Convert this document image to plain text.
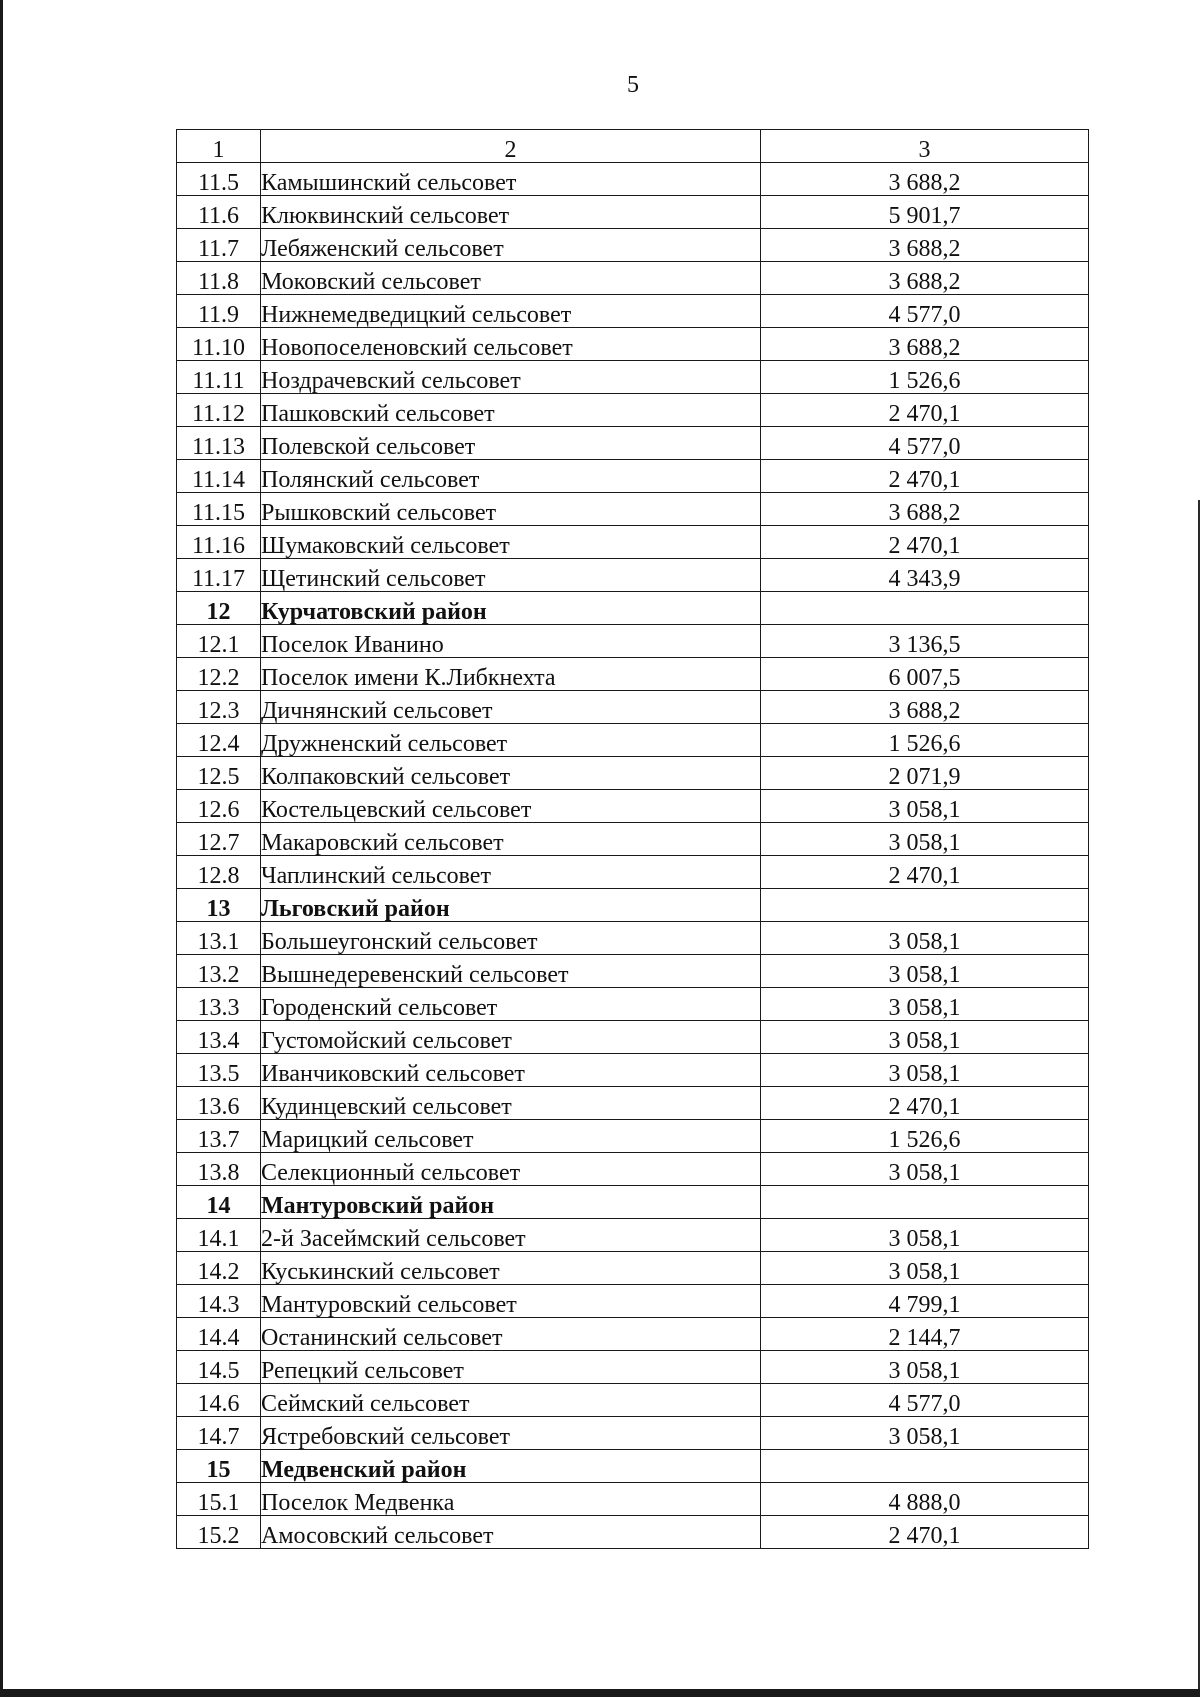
5
1	2	3
11.5	Камышинский сельсовет	3 688,2
11.6	Клюквинский сельсовет	5 901,7
11.7	Лебяженский сельсовет	3 688,2
11.8	Моковский сельсовет	3 688,2
11.9	Нижнемедведицкий сельсовет	4 577,0
11.10	Новопоселеновский сельсовет	3 688,2
11.11	Ноздрачевский сельсовет	1 526,6
11.12	Пашковский сельсовет	2 470,1
11.13	Полевской сельсовет	4 577,0
11.14	Полянский сельсовет	2 470,1
11.15	Рышковский сельсовет	3 688,2
11.16	Шумаковский сельсовет	2 470,1
11.17	Щетинский сельсовет	4 343,9
12	Курчатовский район	
12.1	Поселок Иванино	3 136,5
12.2	Поселок имени К.Либкнехта	6 007,5
12.3	Дичнянский сельсовет	3 688,2
12.4	Дружненский сельсовет	1 526,6
12.5	Колпаковский сельсовет	2 071,9
12.6	Костельцевский сельсовет	3 058,1
12.7	Макаровский сельсовет	3 058,1
12.8	Чаплинский сельсовет	2 470,1
13	Льговский район	
13.1	Большеугонский сельсовет	3 058,1
13.2	Вышнедеревенский сельсовет	3 058,1
13.3	Городенский сельсовет	3 058,1
13.4	Густомойский сельсовет	3 058,1
13.5	Иванчиковский сельсовет	3 058,1
13.6	Кудинцевский сельсовет	2 470,1
13.7	Марицкий сельсовет	1 526,6
13.8	Селекционный сельсовет	3 058,1
14	Мантуровский район	
14.1	2-й Засеймский сельсовет	3 058,1
14.2	Куськинский сельсовет	3 058,1
14.3	Мантуровский сельсовет	4 799,1
14.4	Останинский сельсовет	2 144,7
14.5	Репецкий сельсовет	3 058,1
14.6	Сеймский сельсовет	4 577,0
14.7	Ястребовский сельсовет	3 058,1
15	Медвенский район	
15.1	Поселок Медвенка	4 888,0
15.2	Амосовский сельсовет	2 470,1
